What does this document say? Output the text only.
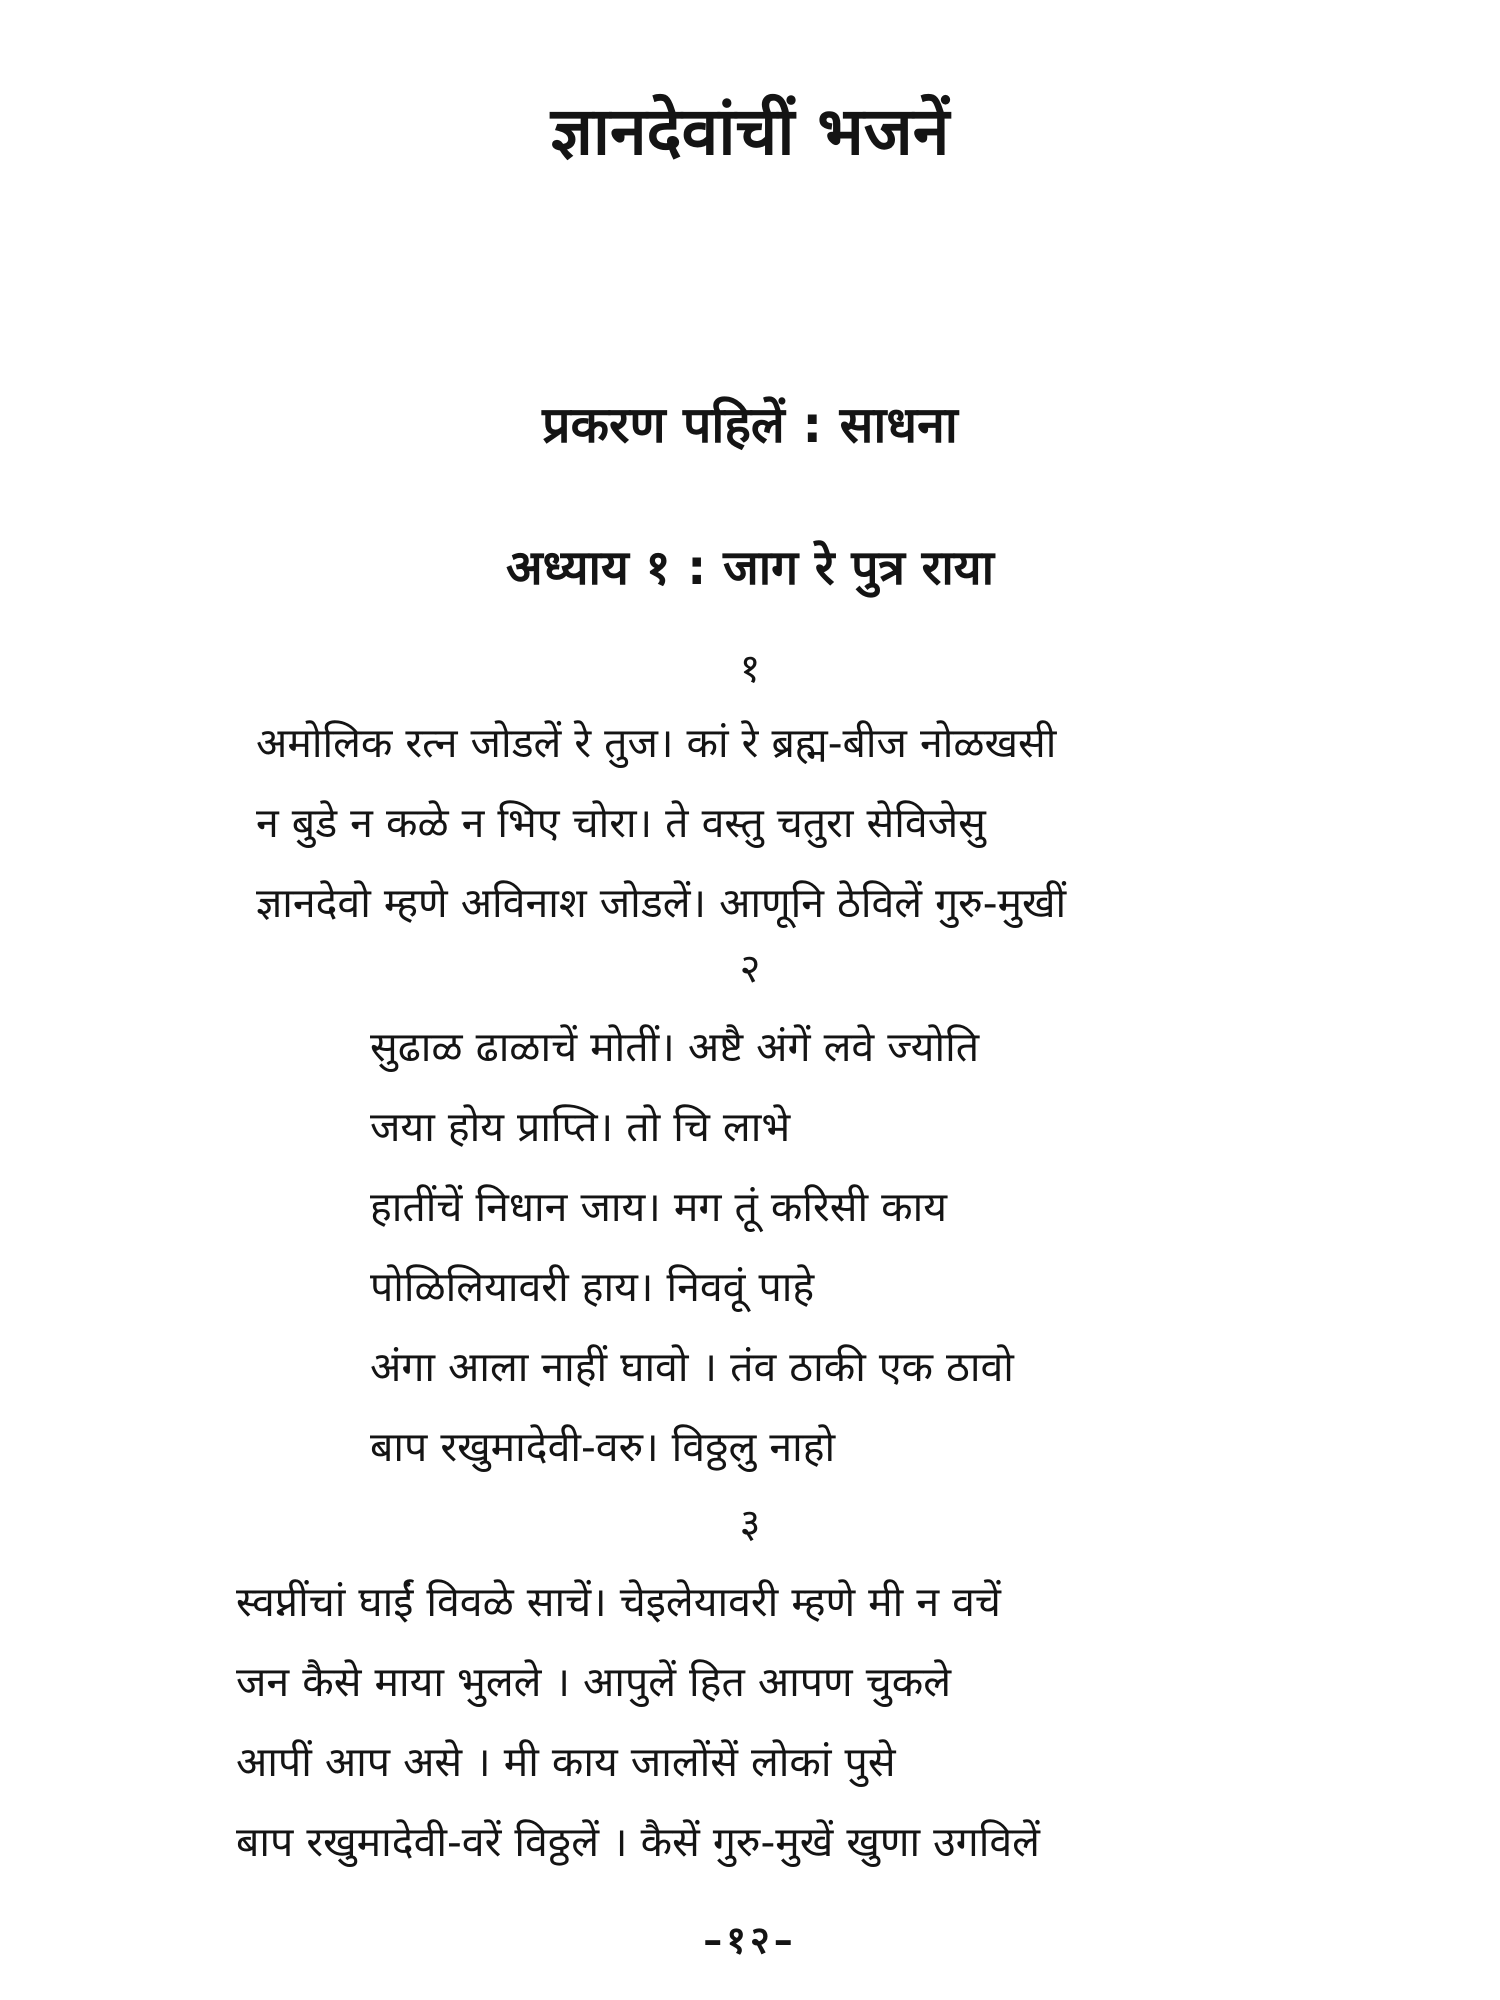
ज्ञानदेवांचीं भजनें
प्रकरण पहिलें : साधना
अध्याय १ : जाग रे पुत्र राया
१
अमोलिक रत्न जोडलें रे तुज। कां रे ब्रह्म-बीज नोळखसी
न बुडे न कळे न भिए चोरा। ते वस्तु चतुरा सेविजेसु
ज्ञानदेवो म्हणे अविनाश जोडलें। आणूनि ठेविलें गुरु-मुखीं
२
सुढाळ ढाळाचें मोतीं। अष्टै अंगें लवे ज्योति
जया होय प्राप्ति। तो चि लाभे
हातींचें निधान जाय। मग तूं करिसी काय
पोळिलियावरी हाय। निववूं पाहे
अंगा आला नाहीं घावो । तंव ठाकी एक ठावो
बाप रखुमादेवी-वरु। विठ्ठलु नाहो
३
स्वप्नींचां घाईं विवळे साचें। चेइलेयावरी म्हणे मी न वचें
जन कैसे माया भुलले । आपुलें हित आपण चुकले
आपीं आप असे । मी काय जालोंसें लोकां पुसे
बाप रखुमादेवी-वरें विठ्ठलें । कैसें गुरु-मुखें खुणा उगविलें
–१२–
